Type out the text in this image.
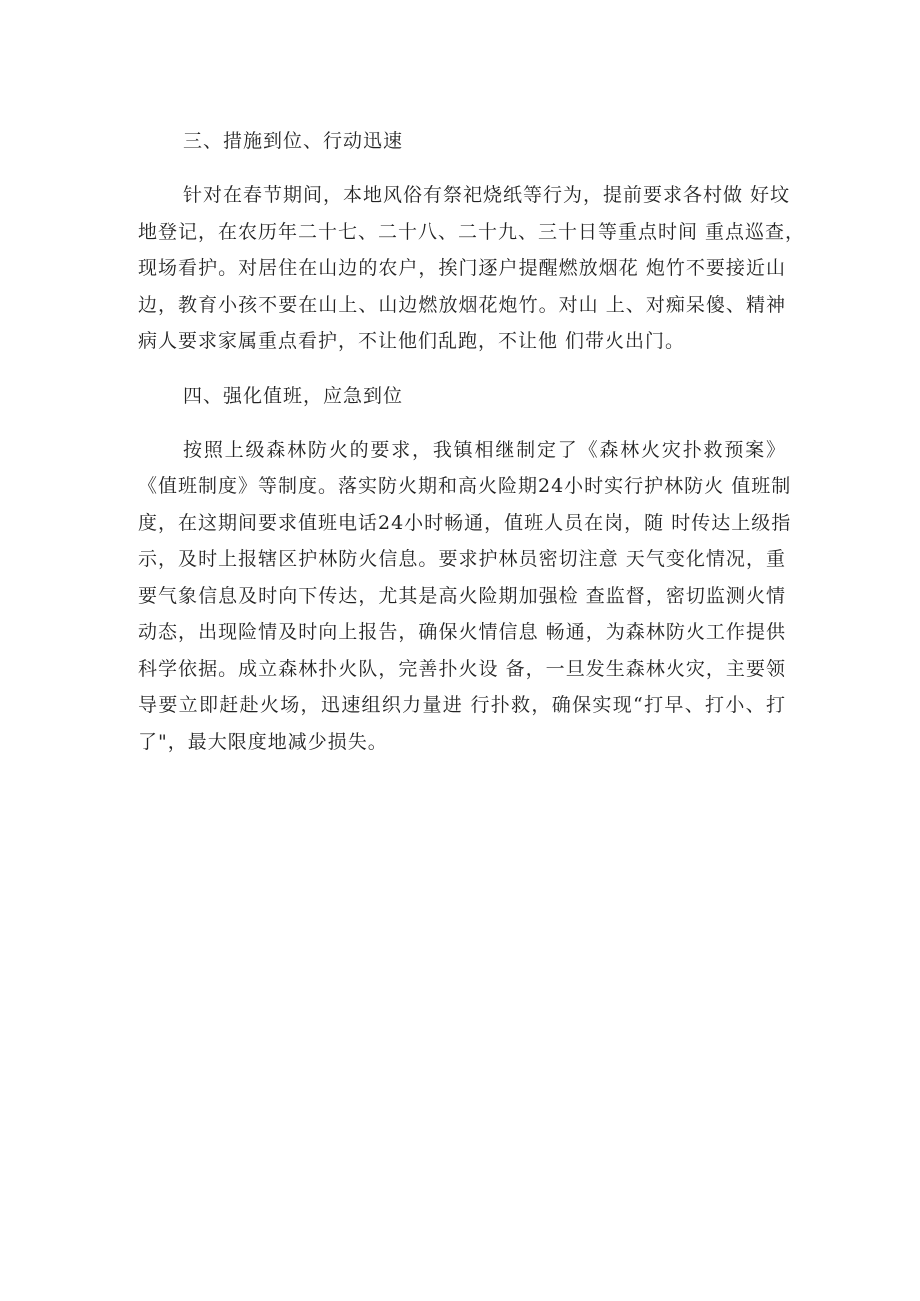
三、措施到位、行动迅速

针对在春节期间，本地风俗有祭祀烧纸等行为，提前要求各村做 好坟
地登记，在农历年二十七、二十八、二十九、三十日等重点时间 重点巡查，
现场看护。对居住在山边的农户，挨门逐户提醒燃放烟花 炮竹不要接近山
边，教育小孩不要在山上、山边燃放烟花炮竹。对山 上、对痴呆傻、精神
病人要求家属重点看护，不让他们乱跑，不让他 们带火出门。

四、强化值班，应急到位

按照上级森林防火的要求，我镇相继制定了《森林火灾扑救预案》
《值班制度》等制度。落实防火期和高火险期24小时实行护林防火 值班制
度，在这期间要求值班电话24小时畅通，值班人员在岗，随 时传达上级指
示，及时上报辖区护林防火信息。要求护林员密切注意 天气变化情况，重
要气象信息及时向下传达，尤其是高火险期加强检 查监督，密切监测火情
动态，出现险情及时向上报告，确保火情信息 畅通，为森林防火工作提供
科学依据。成立森林扑火队，完善扑火设 备，一旦发生森林火灾，主要领
导要立即赶赴火场，迅速组织力量进 行扑救，确保实现“打早、打小、打
了"，最大限度地减少损失。
